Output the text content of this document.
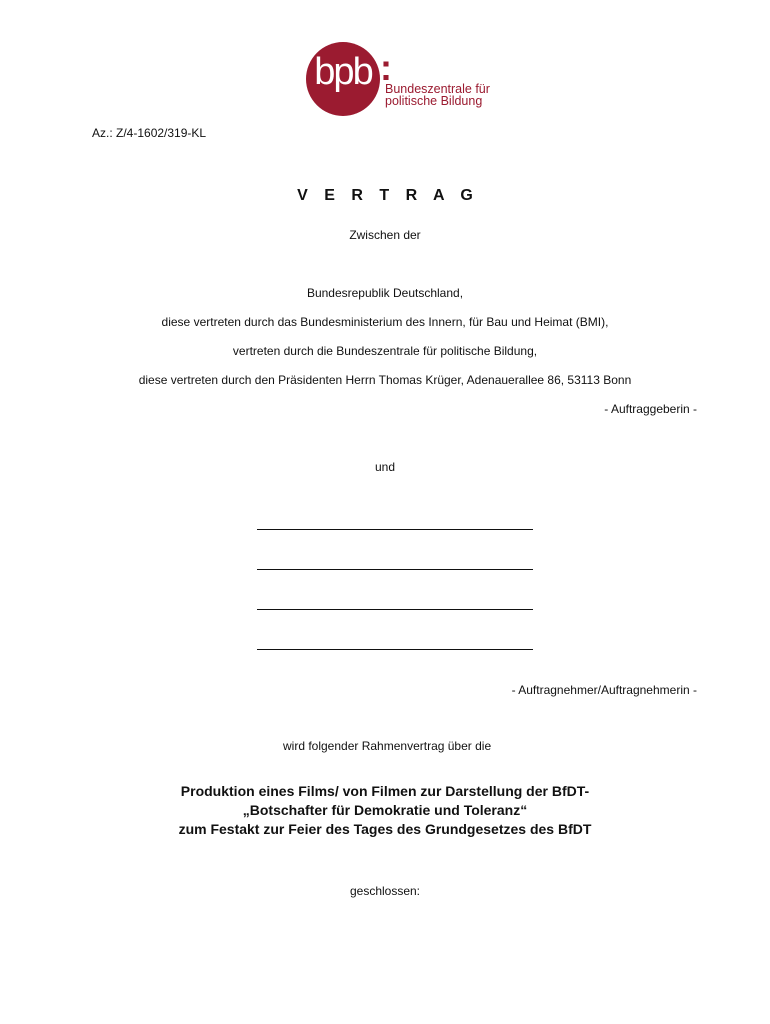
bpb :
Bundeszentrale für
politische Bildung
Az.: Z/4-1602/319-KL
V E R T R A G
Zwischen der
Bundesrepublik Deutschland,
diese vertreten durch das Bundesministerium des Innern, für Bau und Heimat (BMI),
vertreten durch die Bundeszentrale für politische Bildung,
diese vertreten durch den Präsidenten Herrn Thomas Krüger, Adenauerallee 86, 53113 Bonn
- Auftraggeberin -
und
- Auftragnehmer/Auftragnehmerin -
wird folgender Rahmenvertrag über die
Produktion eines Films/ von Filmen zur Darstellung der BfDT-
„Botschafter für Demokratie und Toleranz“
zum Festakt zur Feier des Tages des Grundgesetzes des BfDT
geschlossen:
